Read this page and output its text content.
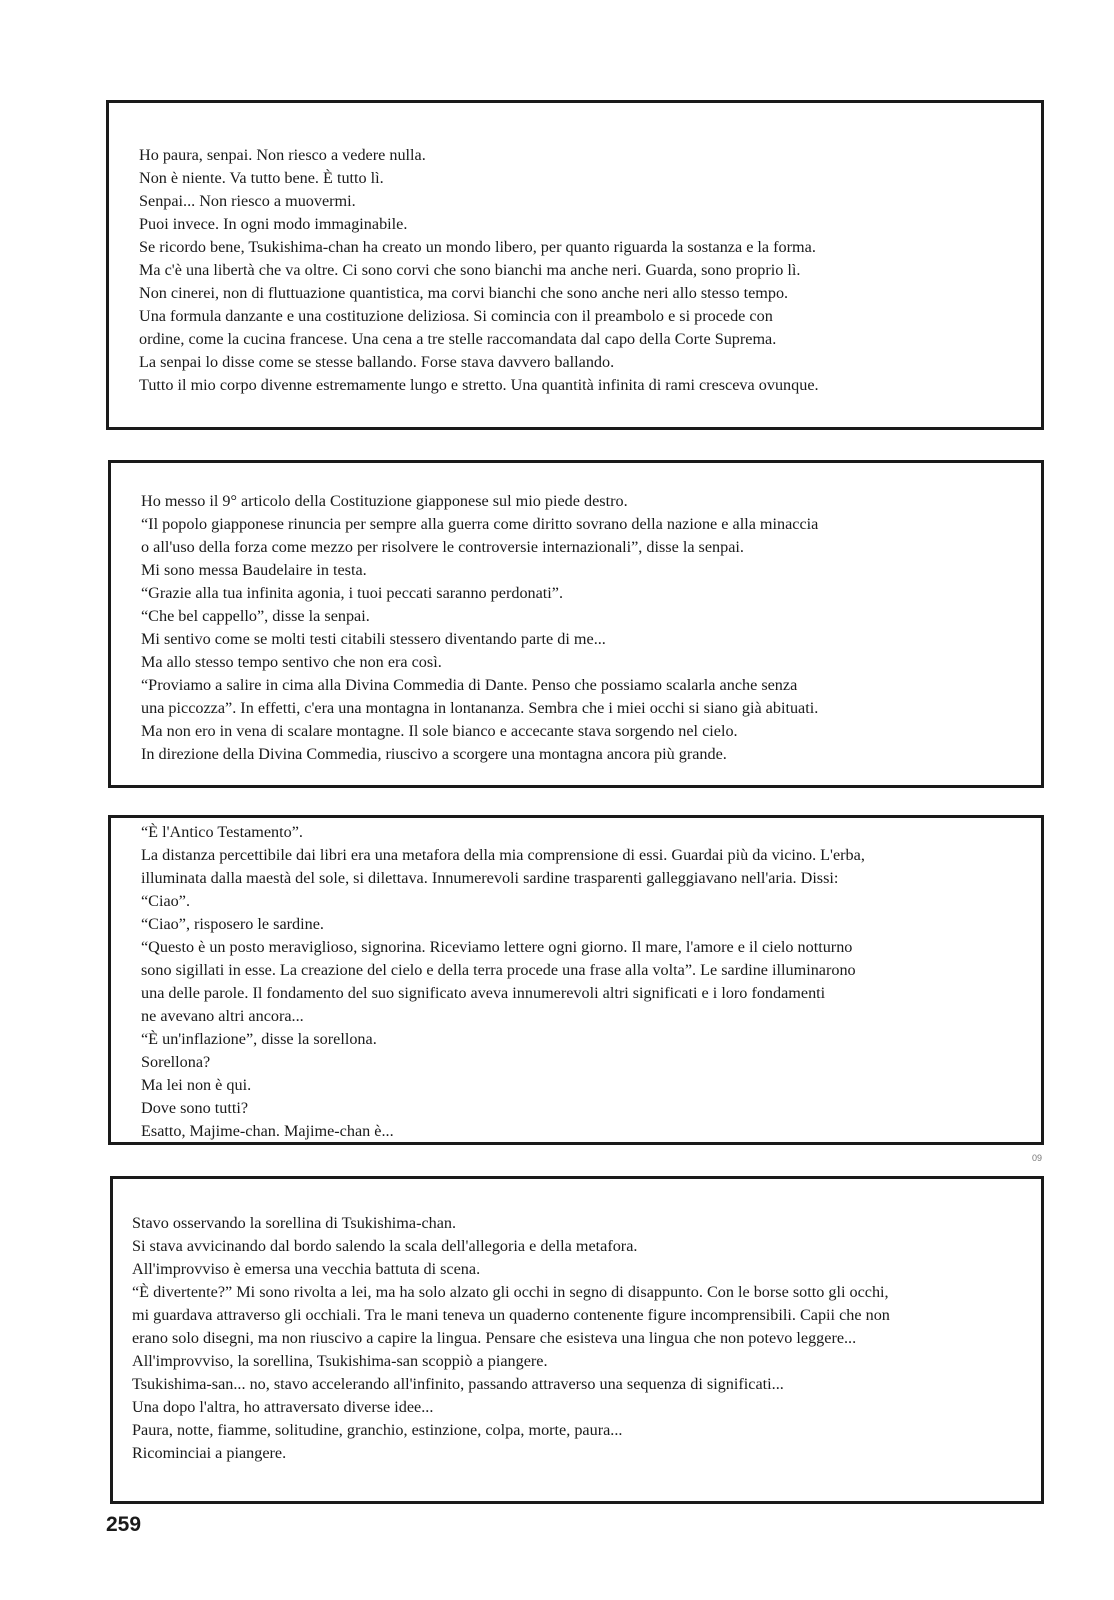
Ho paura, senpai. Non riesco a vedere nulla.
Non è niente. Va tutto bene. È tutto lì.
Senpai... Non riesco a muovermi.
Puoi invece. In ogni modo immaginabile.
Se ricordo bene, Tsukishima-chan ha creato un mondo libero, per quanto riguarda la sostanza e la forma.
Ma c'è una libertà che va oltre. Ci sono corvi che sono bianchi ma anche neri. Guarda, sono proprio lì.
Non cinerei, non di fluttuazione quantistica, ma corvi bianchi che sono anche neri allo stesso tempo.
Una formula danzante e una costituzione deliziosa. Si comincia con il preambolo e si procede con
ordine, come la cucina francese. Una cena a tre stelle raccomandata dal capo della Corte Suprema.
La senpai lo disse come se stesse ballando. Forse stava davvero ballando.
Tutto il mio corpo divenne estremamente lungo e stretto. Una quantità infinita di rami cresceva ovunque.
Ho messo il 9° articolo della Costituzione giapponese sul mio piede destro.
“Il popolo giapponese rinuncia per sempre alla guerra come diritto sovrano della nazione e alla minaccia
o all'uso della forza come mezzo per risolvere le controversie internazionali”, disse la senpai.
Mi sono messa Baudelaire in testa.
“Grazie alla tua infinita agonia, i tuoi peccati saranno perdonati”.
“Che bel cappello”, disse la senpai.
Mi sentivo come se molti testi citabili stessero diventando parte di me...
Ma allo stesso tempo sentivo che non era così.
“Proviamo a salire in cima alla Divina Commedia di Dante. Penso che possiamo scalarla anche senza
una piccozza”. In effetti, c'era una montagna in lontananza. Sembra che i miei occhi si siano già abituati.
Ma non ero in vena di scalare montagne. Il sole bianco e accecante stava sorgendo nel cielo.
In direzione della Divina Commedia, riuscivo a scorgere una montagna ancora più grande.
“È l'Antico Testamento”.
La distanza percettibile dai libri era una metafora della mia comprensione di essi. Guardai più da vicino. L'erba,
illuminata dalla maestà del sole, si dilettava. Innumerevoli sardine trasparenti galleggiavano nell'aria. Dissi:
“Ciao”.
“Ciao”, risposero le sardine.
“Questo è un posto meraviglioso, signorina. Riceviamo lettere ogni giorno. Il mare, l'amore e il cielo notturno
sono sigillati in esse. La creazione del cielo e della terra procede una frase alla volta”. Le sardine illuminarono
una delle parole. Il fondamento del suo significato aveva innumerevoli altri significati e i loro fondamenti
ne avevano altri ancora...
“È un'inflazione”, disse la sorellona.
Sorellona?
Ma lei non è qui.
Dove sono tutti?
Esatto, Majime-chan. Majime-chan è...
09
Stavo osservando la sorellina di Tsukishima-chan.
Si stava avvicinando dal bordo salendo la scala dell'allegoria e della metafora.
All'improvviso è emersa una vecchia battuta di scena.
“È divertente?” Mi sono rivolta a lei, ma ha solo alzato gli occhi in segno di disappunto. Con le borse sotto gli occhi,
mi guardava attraverso gli occhiali. Tra le mani teneva un quaderno contenente figure incomprensibili. Capii che non
erano solo disegni, ma non riuscivo a capire la lingua. Pensare che esisteva una lingua che non potevo leggere...
All'improvviso, la sorellina, Tsukishima-san scoppiò a piangere.
Tsukishima-san... no, stavo accelerando all'infinito, passando attraverso una sequenza di significati...
Una dopo l'altra, ho attraversato diverse idee...
Paura, notte, fiamme, solitudine, granchio, estinzione, colpa, morte, paura...
Ricominciai a piangere.
259
